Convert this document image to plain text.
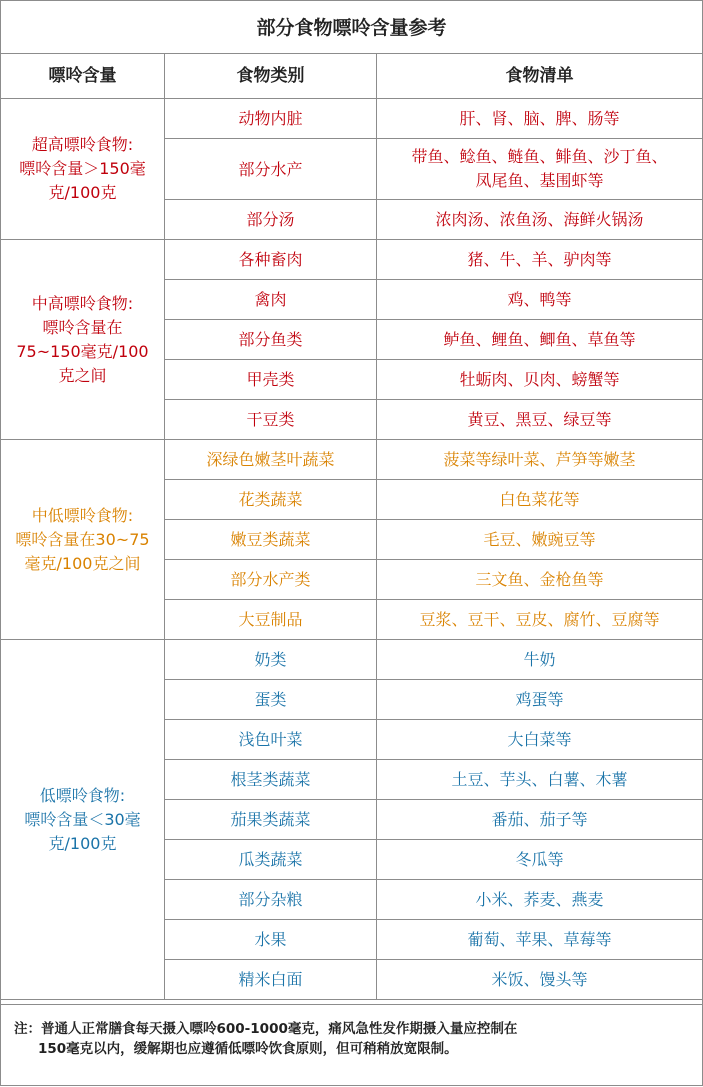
部分食物嘌呤含量参考
嘌呤含量	食物类别	食物清单

超高嘌呤食物:
嘌呤含量＞150毫
克/100克	动物内脏	肝、肾、脑、脾、肠等

	部分水产	带鱼、鲶鱼、鲢鱼、鲱鱼、沙丁鱼、
凤尾鱼、基围虾等

	部分汤	浓肉汤、浓鱼汤、海鲜火锅汤

中高嘌呤食物:
嘌呤含量在
75~150毫克/100
克之间	各种畜肉	猪、牛、羊、驴肉等

	禽肉	鸡、鸭等

	部分鱼类	鲈鱼、鲤鱼、鲫鱼、草鱼等

	甲壳类	牡蛎肉、贝肉、螃蟹等

	干豆类	黄豆、黑豆、绿豆等

中低嘌呤食物:
嘌呤含量在30~75
毫克/100克之间	深绿色嫩茎叶蔬菜	菠菜等绿叶菜、芦笋等嫩茎

	花类蔬菜	白色菜花等

	嫩豆类蔬菜	毛豆、嫩豌豆等

	部分水产类	三文鱼、金枪鱼等

	大豆制品	豆浆、豆干、豆皮、腐竹、豆腐等

低嘌呤食物:
嘌呤含量＜30毫
克/100克	奶类	牛奶

	蛋类	鸡蛋等

	浅色叶菜	大白菜等

	根茎类蔬菜	土豆、芋头、白薯、木薯

	茄果类蔬菜	番茄、茄子等

	瓜类蔬菜	冬瓜等

	部分杂粮	小米、荞麦、燕麦

	水果	葡萄、苹果、草莓等

	精米白面	米饭、馒头等

注：普通人正常膳食每天摄入嘌呤600-1000毫克，痛风急性发作期摄入量应控制在
150毫克以内，缓解期也应遵循低嘌呤饮食原则，但可稍稍放宽限制。
